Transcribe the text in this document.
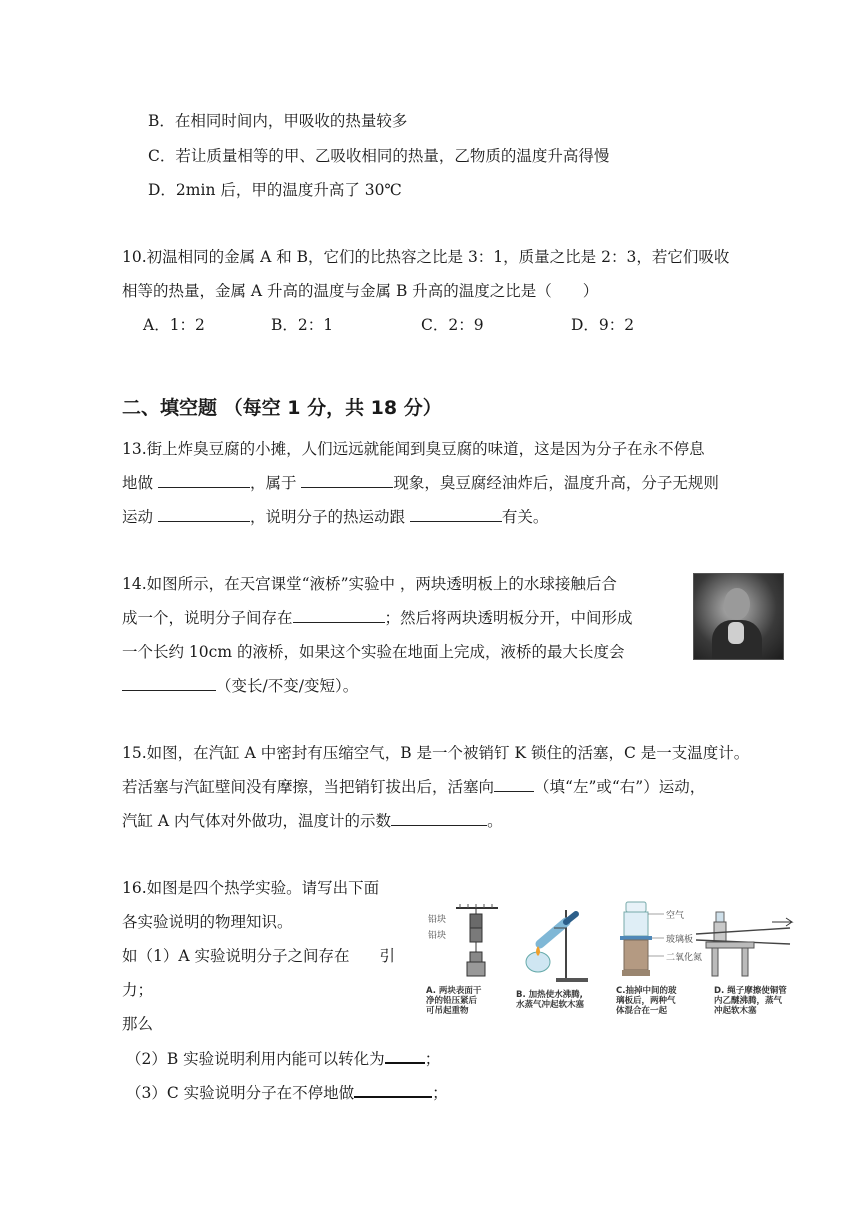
B．在相同时间内，甲吸收的热量较多
C．若让质量相等的甲、乙吸收相同的热量，乙物质的温度升高得慢
D．2min 后，甲的温度升高了 30℃
10.初温相同的金属 A 和 B，它们的比热容之比是 3：1，质量之比是 2：3，若它们吸收
相等的热量，金属 A 升高的温度与金属 B 升高的温度之比是（　　）
A．1：2	B．2：1	C．2：9	D．9：2
二、填空题 （每空 1 分，共 18 分）
13.街上炸臭豆腐的小摊，人们远远就能闻到臭豆腐的味道，这是因为分子在永不停息
地做	，属于	现象，臭豆腐经油炸后，温度升高，分子无规则
运动	，说明分子的热运动跟	有关。
14.如图所示，在天宫课堂“液桥”实验中 ，两块透明板上的水球接触后合
成一个，说明分子间存在	；然后将两块透明板分开，中间形成
一个长约 10cm 的液桥，如果这个实验在地面上完成，液桥的最大长度会
（变长/不变/变短）。
15.如图，在汽缸 A 中密封有压缩空气，B 是一个被销钉 K 锁住的活塞，C 是一支温度计。
若活塞与汽缸壁间没有摩擦，当把销钉拔出后，活塞向	（填“左”或“右”）运动，
汽缸 A 内气体对外做功，温度计的示数	。
16.如图是四个热学实验。请写出下面
各实验说明的物理知识。
如（1）A 实验说明分子之间存在 引
力；
那么
（2）B 实验说明利用内能可以转化为	；
（3）C 实验说明分子在不停地做	；
铅块
铅块
空气
玻璃板
二氧化氮
A. 两块表面干
净的铅压紧后
可吊起重物
B. 加热使水沸腾,
水蒸气冲起软木塞
C.抽掉中间的玻
璃板后，两种气
体混合在一起
D. 绳子摩擦使铜管
内乙醚沸腾，蒸气
冲起软木塞
